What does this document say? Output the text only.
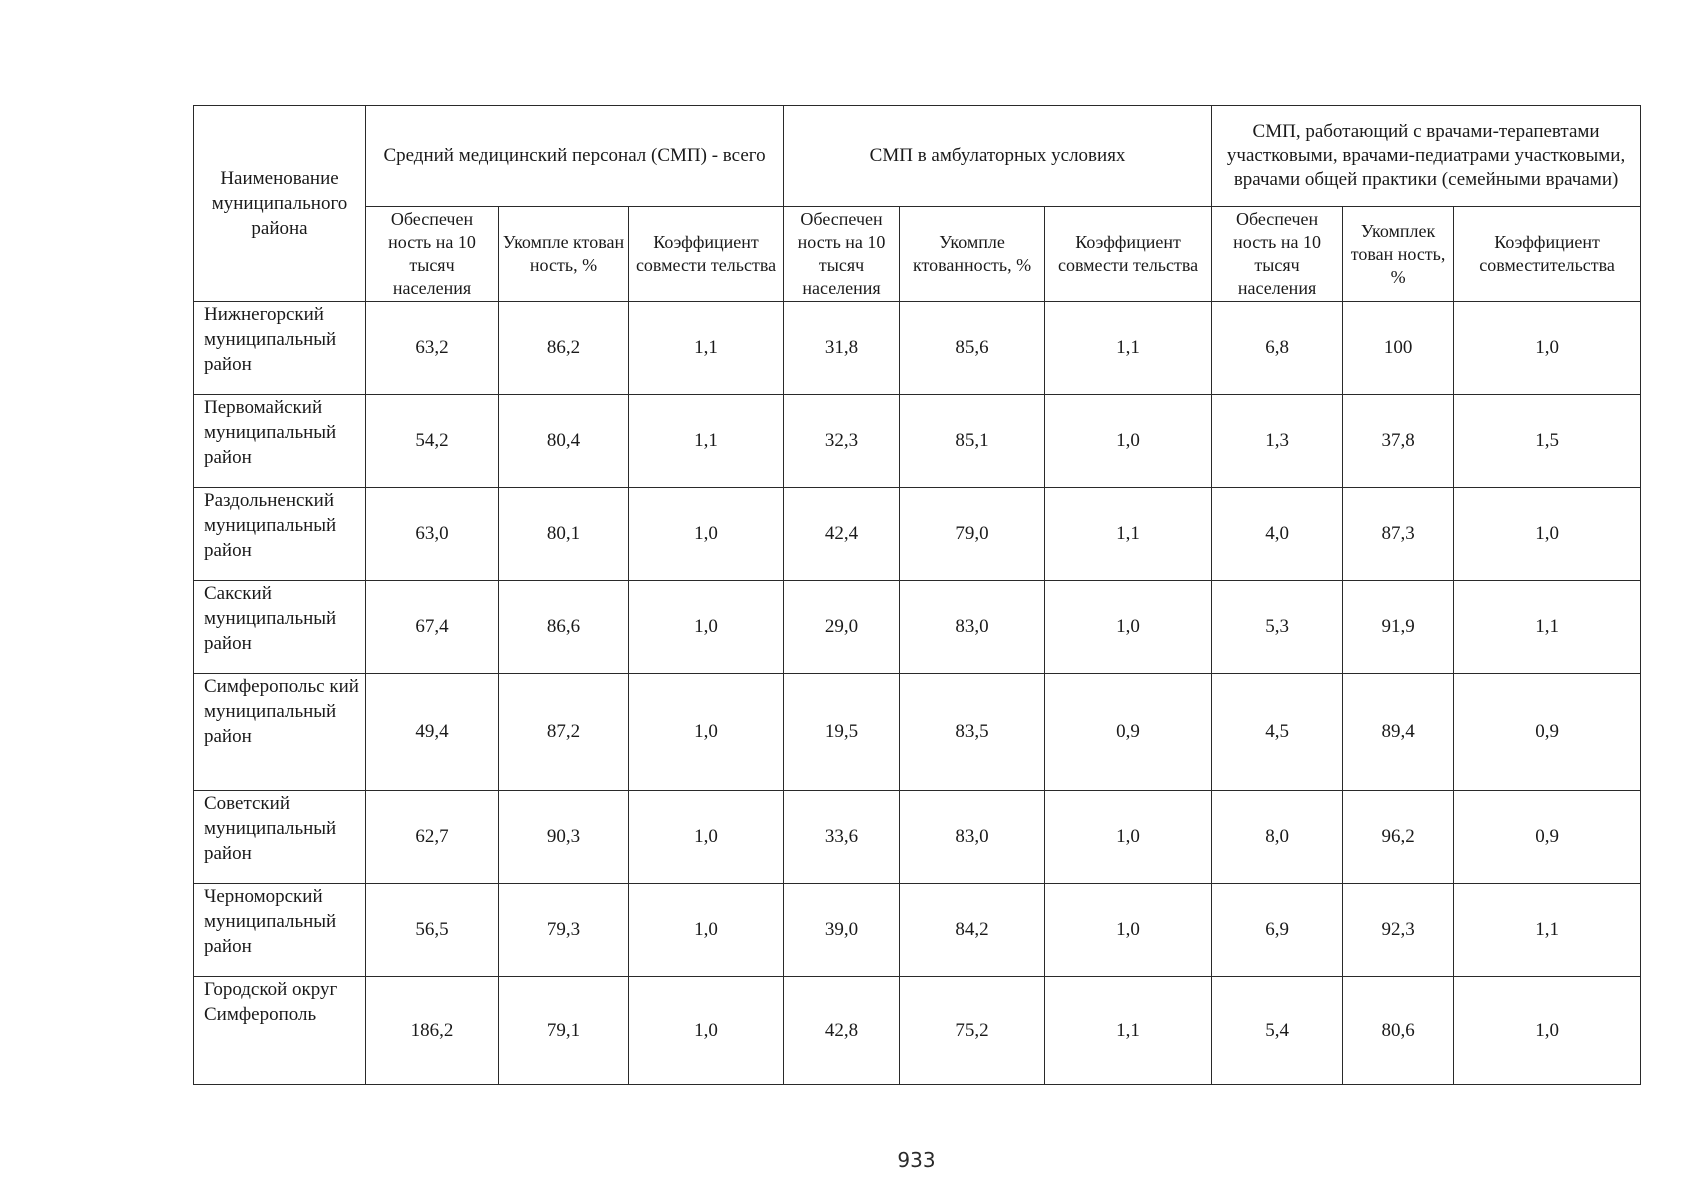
Наименование муниципального района	Средний медицинский персонал (СМП) - всего			СМП в амбулаторных условиях			СМП, работающий с врачами-терапевтами участковыми, врачами-педиатрами участковыми, врачами общей практики (семейными врачами)		
	Обеспечен ность на 10 тысяч населения	Укомпле ктован ность, %	Коэффициент совмести тельства	Обеспечен ность на 10 тысяч населения	Укомпле ктованность, %	Коэффициент совмести тельства	Обеспечен ность на 10 тысяч населения	Укомплек тован ность, %	Коэффициент совместительства
Нижнегорский муниципальный район	63,2	86,2	1,1	31,8	85,6	1,1	6,8	100	1,0
Первомайский муниципальный район	54,2	80,4	1,1	32,3	85,1	1,0	1,3	37,8	1,5
Раздольненский муниципальный район	63,0	80,1	1,0	42,4	79,0	1,1	4,0	87,3	1,0
Сакский муниципальный район	67,4	86,6	1,0	29,0	83,0	1,0	5,3	91,9	1,1
Симферопольс кий муниципальный район	49,4	87,2	1,0	19,5	83,5	0,9	4,5	89,4	0,9
Советский муниципальный район	62,7	90,3	1,0	33,6	83,0	1,0	8,0	96,2	0,9
Черноморский муниципальный район	56,5	79,3	1,0	39,0	84,2	1,0	6,9	92,3	1,1
Городской округ Симферополь	186,2	79,1	1,0	42,8	75,2	1,1	5,4	80,6	1,0
933
